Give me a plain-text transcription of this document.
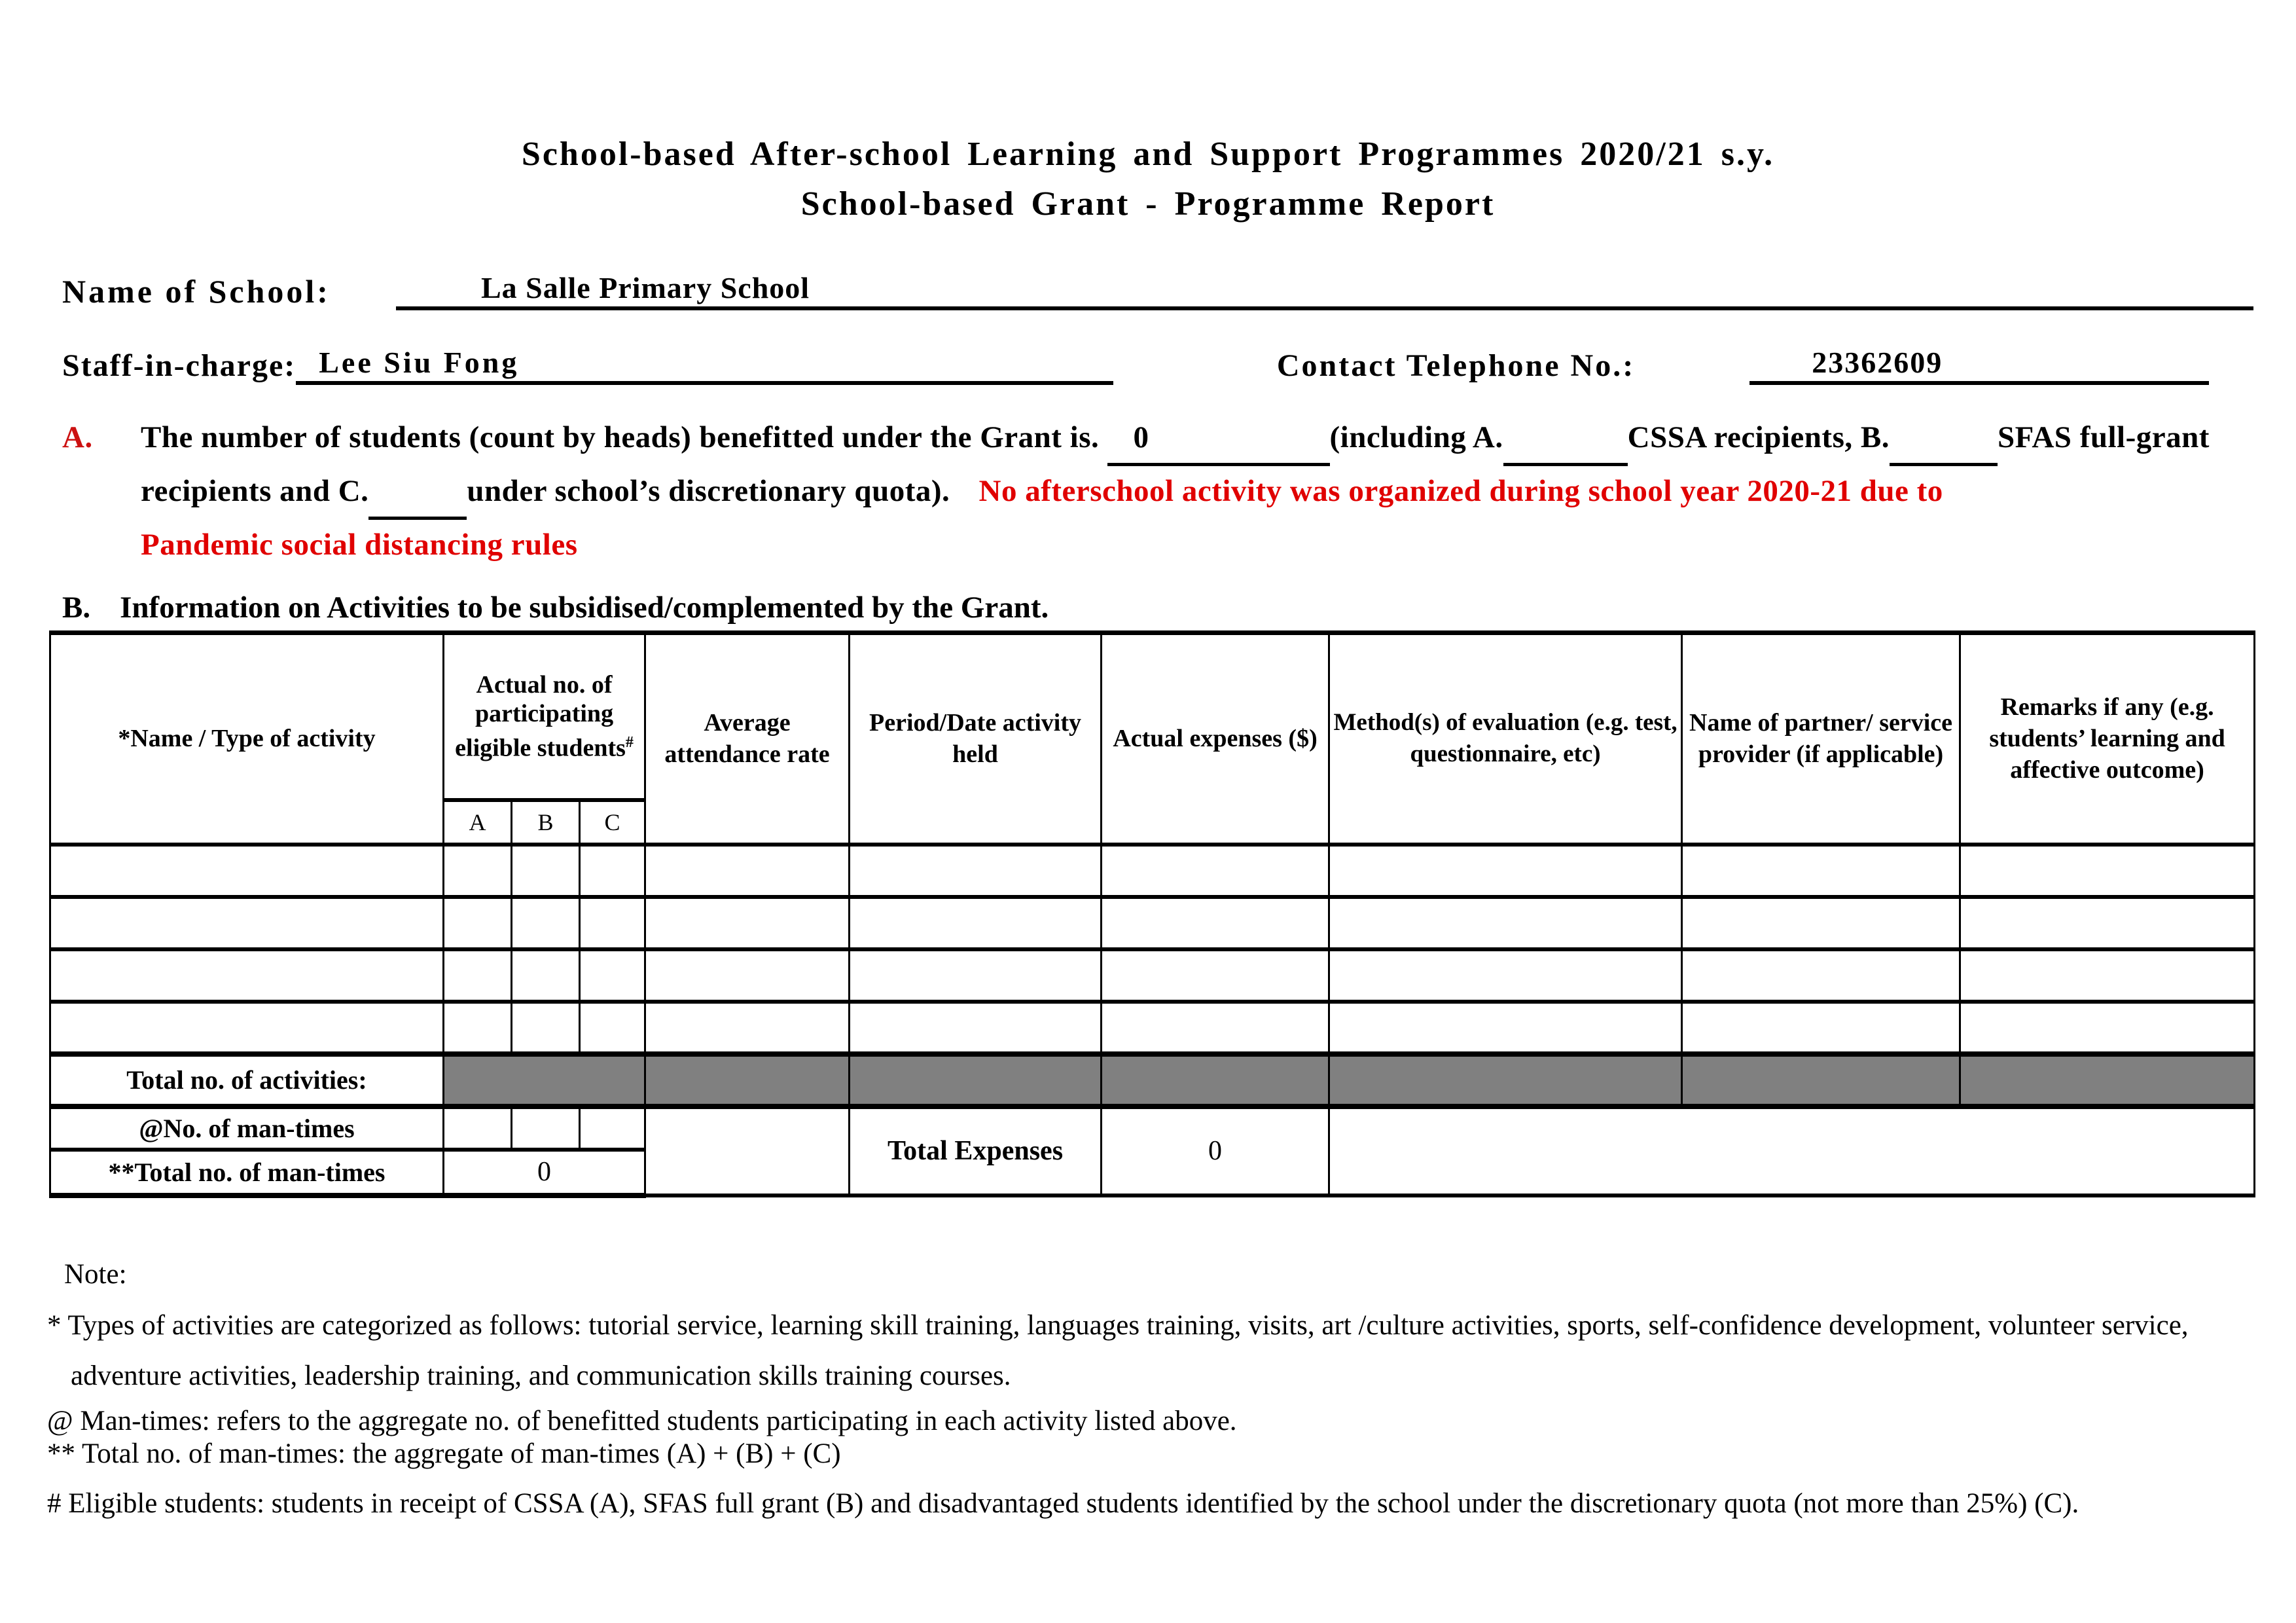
School-based After-school Learning and Support Programmes 2020/21 s.y.
School-based Grant - Programme Report
Name of School:	La Salle Primary School
Staff-in-charge: Lee Siu Fong	Contact Telephone No.:	23362609
A. The number of students (count by heads) benefitted under the Grant is. 0 ​	(including A. ​	CSSA recipients, B. ​	SFAS full-grant recipients and C. ​	under school’s discretionary quota). No afterschool activity was organized during school year 2020-21 due to
Pandemic social distancing rules
B. Information on Activities to be subsidised/complemented by the Grant.
*Name / Type of activity	Actual no. of participating eligible students#			Average attendance rate	Period/Date activity held	Actual expenses ($)	Method(s) of evaluation (e.g. test, questionnaire, etc)	Name of partner/ service provider (if applicable)	Remarks if any (e.g. students’ learning and affective outcome)
	A	B	C						

Total no. of activities:									
@No. of man-times					Total Expenses	0			
**Total no. of man-times	0								
Note:
* Types of activities are categorized as follows: tutorial service, learning skill training, languages training, visits, art /culture activities, sports, self-confidence development, volunteer service,
adventure activities, leadership training, and communication skills training courses.
@ Man-times: refers to the aggregate no. of benefitted students participating in each activity listed above.
** Total no. of man-times: the aggregate of man-times (A) + (B) + (C)
# Eligible students: students in receipt of CSSA (A), SFAS full grant (B) and disadvantaged students identified by the school under the discretionary quota (not more than 25%) (C).
